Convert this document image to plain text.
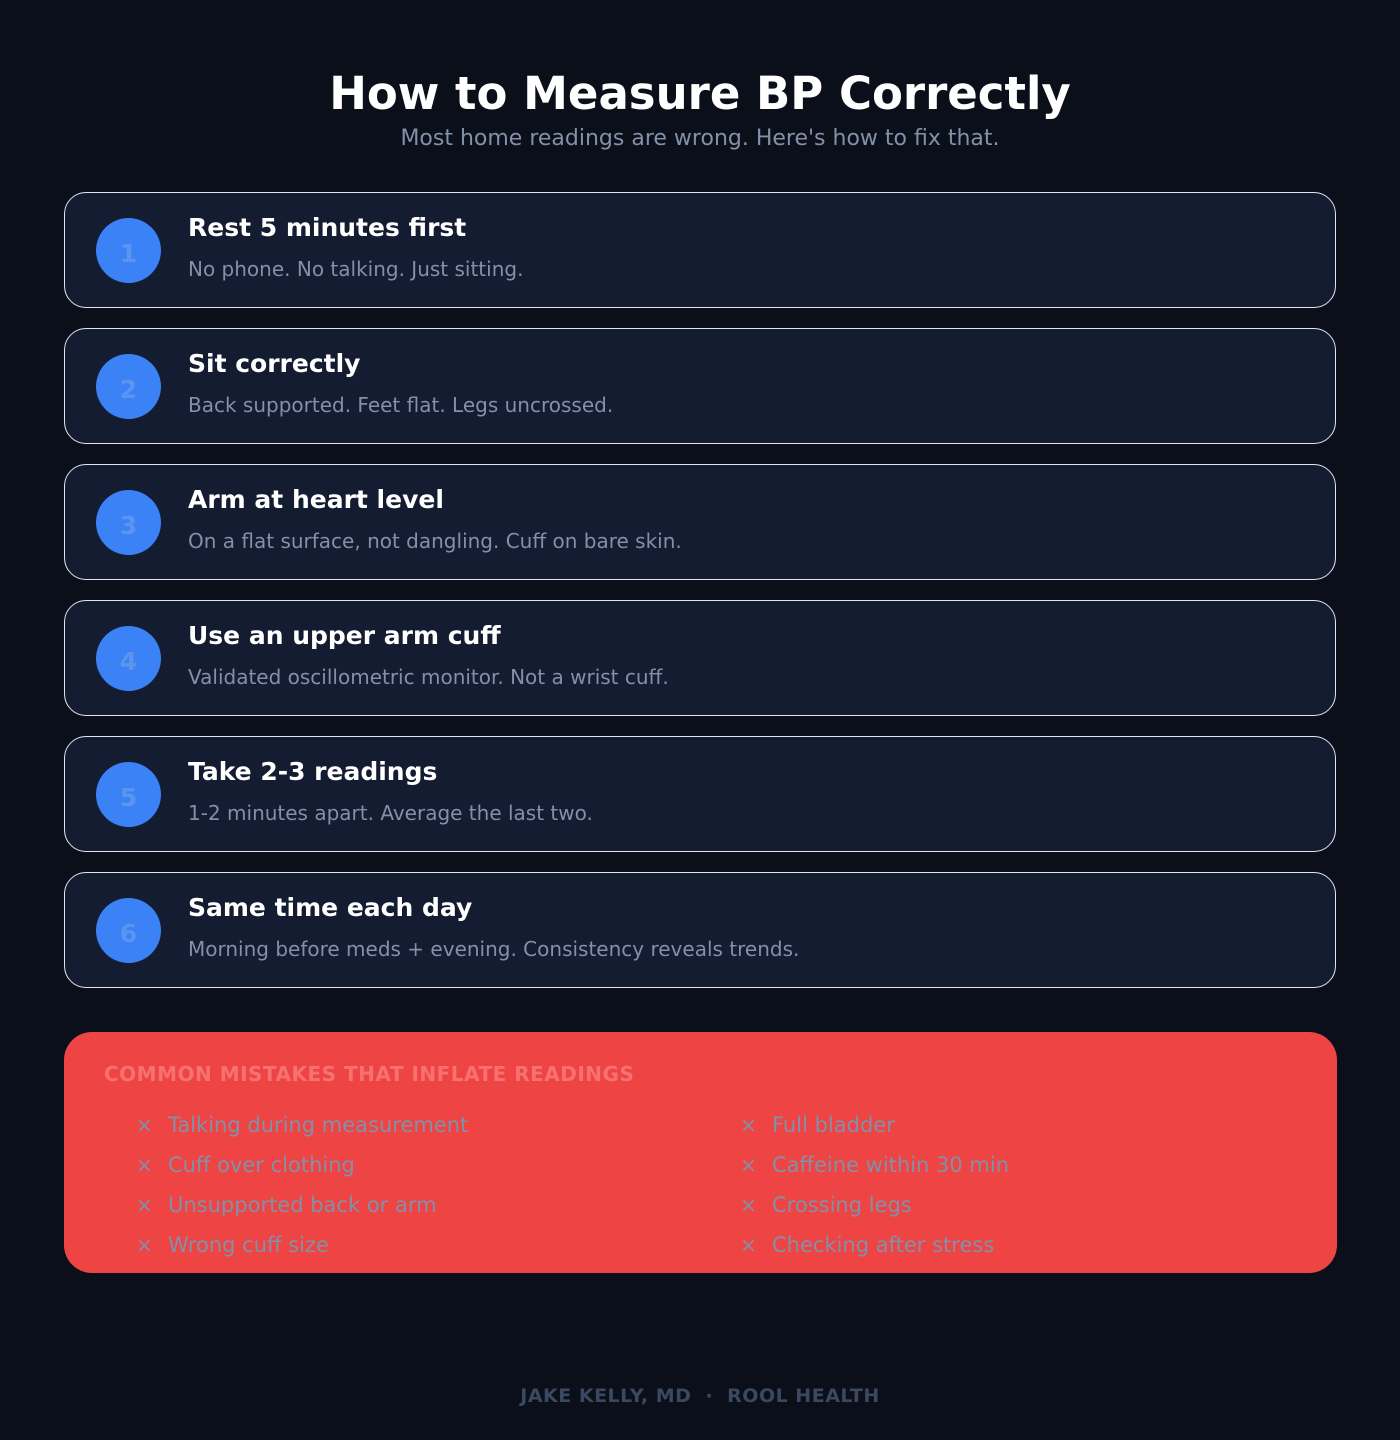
How to Measure BP Correctly
Most home readings are wrong. Here's how to fix that.
1
Rest 5 minutes first
No phone. No talking. Just sitting.
2
Sit correctly
Back supported. Feet flat. Legs uncrossed.
3
Arm at heart level
On a flat surface, not dangling. Cuff on bare skin.
4
Use an upper arm cuff
Validated oscillometric monitor. Not a wrist cuff.
5
Take 2-3 readings
1-2 minutes apart. Average the last two.
6
Same time each day
Morning before meds + evening. Consistency reveals trends.
COMMON MISTAKES THAT INFLATE READINGS
× Talking during measurement
× Cuff over clothing
× Unsupported back or arm
× Wrong cuff size
× Full bladder
× Caffeine within 30 min
× Crossing legs
× Checking after stress
JAKE KELLY, MD · ROOL HEALTH
